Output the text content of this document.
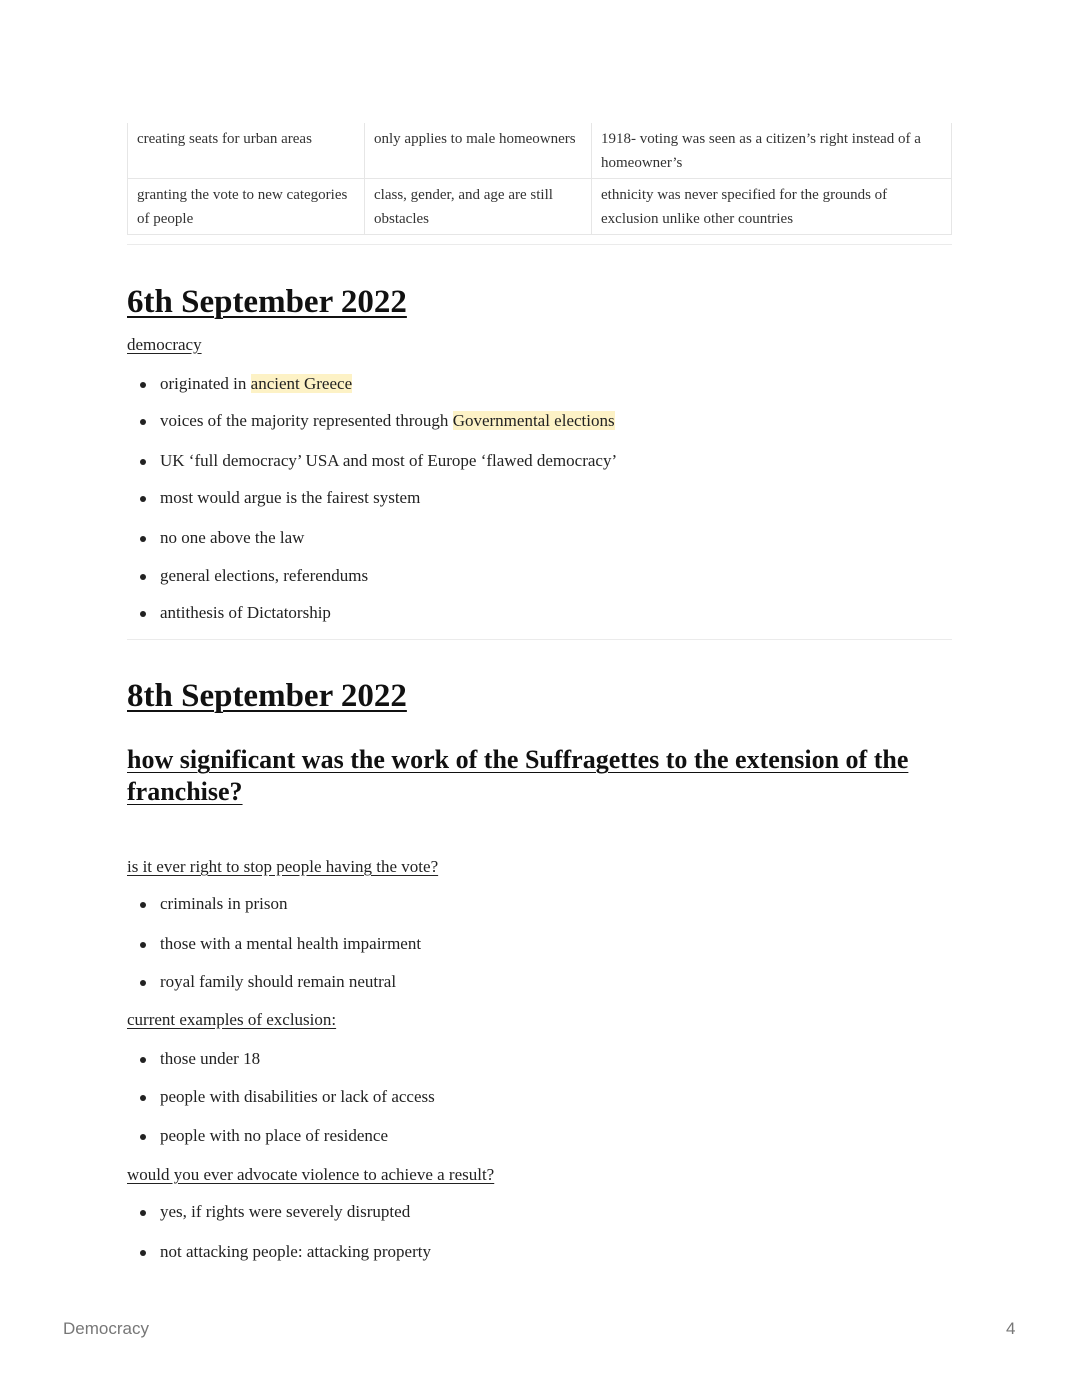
creating seats for urban areas	only applies to male homeowners	1918- voting was seen as a citizen’s right instead of a homeowner’s
granting the vote to new categories of people	class, gender, and age are still obstacles	ethnicity was never specified for the grounds of exclusion unlike other countries
6th September 2022
democracy
originated in ancient Greece
voices of the majority represented through Governmental elections
UK ‘full democracy’ USA and most of Europe ‘flawed democracy’
most would argue is the fairest system
no one above the law
general elections, referendums
antithesis of Dictatorship
8th September 2022
how significant was the work of the Suffragettes to the extension of the franchise?
is it ever right to stop people having the vote?
criminals in prison
those with a mental health impairment
royal family should remain neutral
current examples of exclusion:
those under 18
people with disabilities or lack of access
people with no place of residence
would you ever advocate violence to achieve a result?
yes, if rights were severely disrupted
not attacking people: attacking property
Democracy	4
